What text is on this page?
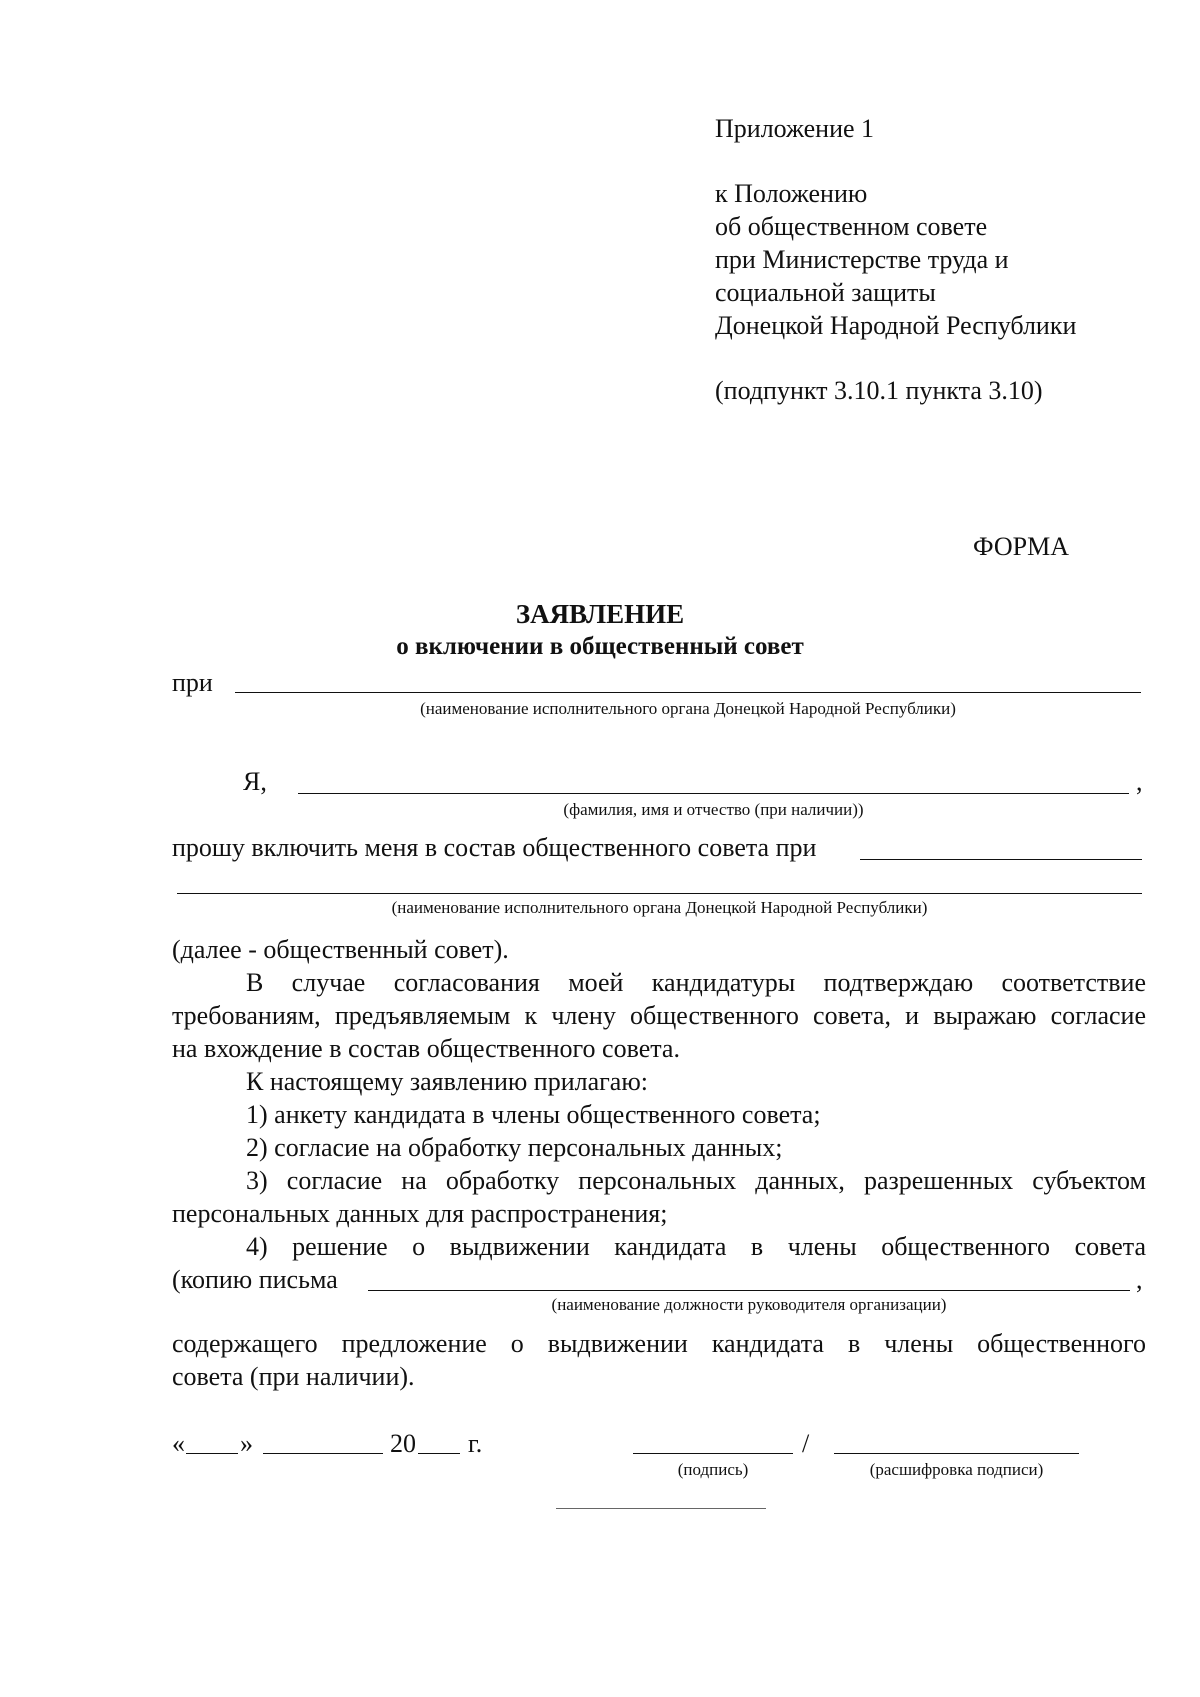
Приложение 1
к Положению
об общественном совете
при Министерстве труда и
социальной защиты
Донецкой Народной Республики
(подпункт 3.10.1 пункта 3.10)
ФОРМА
ЗАЯВЛЕНИЕ
о включении в общественный совет
при
(наименование исполнительного органа Донецкой Народной Республики)
Я,	,
(фамилия, имя и отчество (при наличии))
прошу включить меня в состав общественного совета при
(наименование исполнительного органа Донецкой Народной Республики)
(далее - общественный совет).
В случае согласования моей кандидатуры подтверждаю соответствие
требованиям, предъявляемым к члену общественного совета, и выражаю согласие
на вхождение в состав общественного совета.
К настоящему заявлению прилагаю:
1) анкету кандидата в члены общественного совета;
2) согласие на обработку персональных данных;
3) согласие на обработку персональных данных, разрешенных субъектом
персональных данных для распространения;
4) решение о выдвижении кандидата в члены общественного совета
(копию письма	,
(наименование должности руководителя организации)
содержащего предложение о выдвижении кандидата в члены общественного
совета (при наличии).
« »	20 г.	/
(подпись)	(расшифровка подписи)
